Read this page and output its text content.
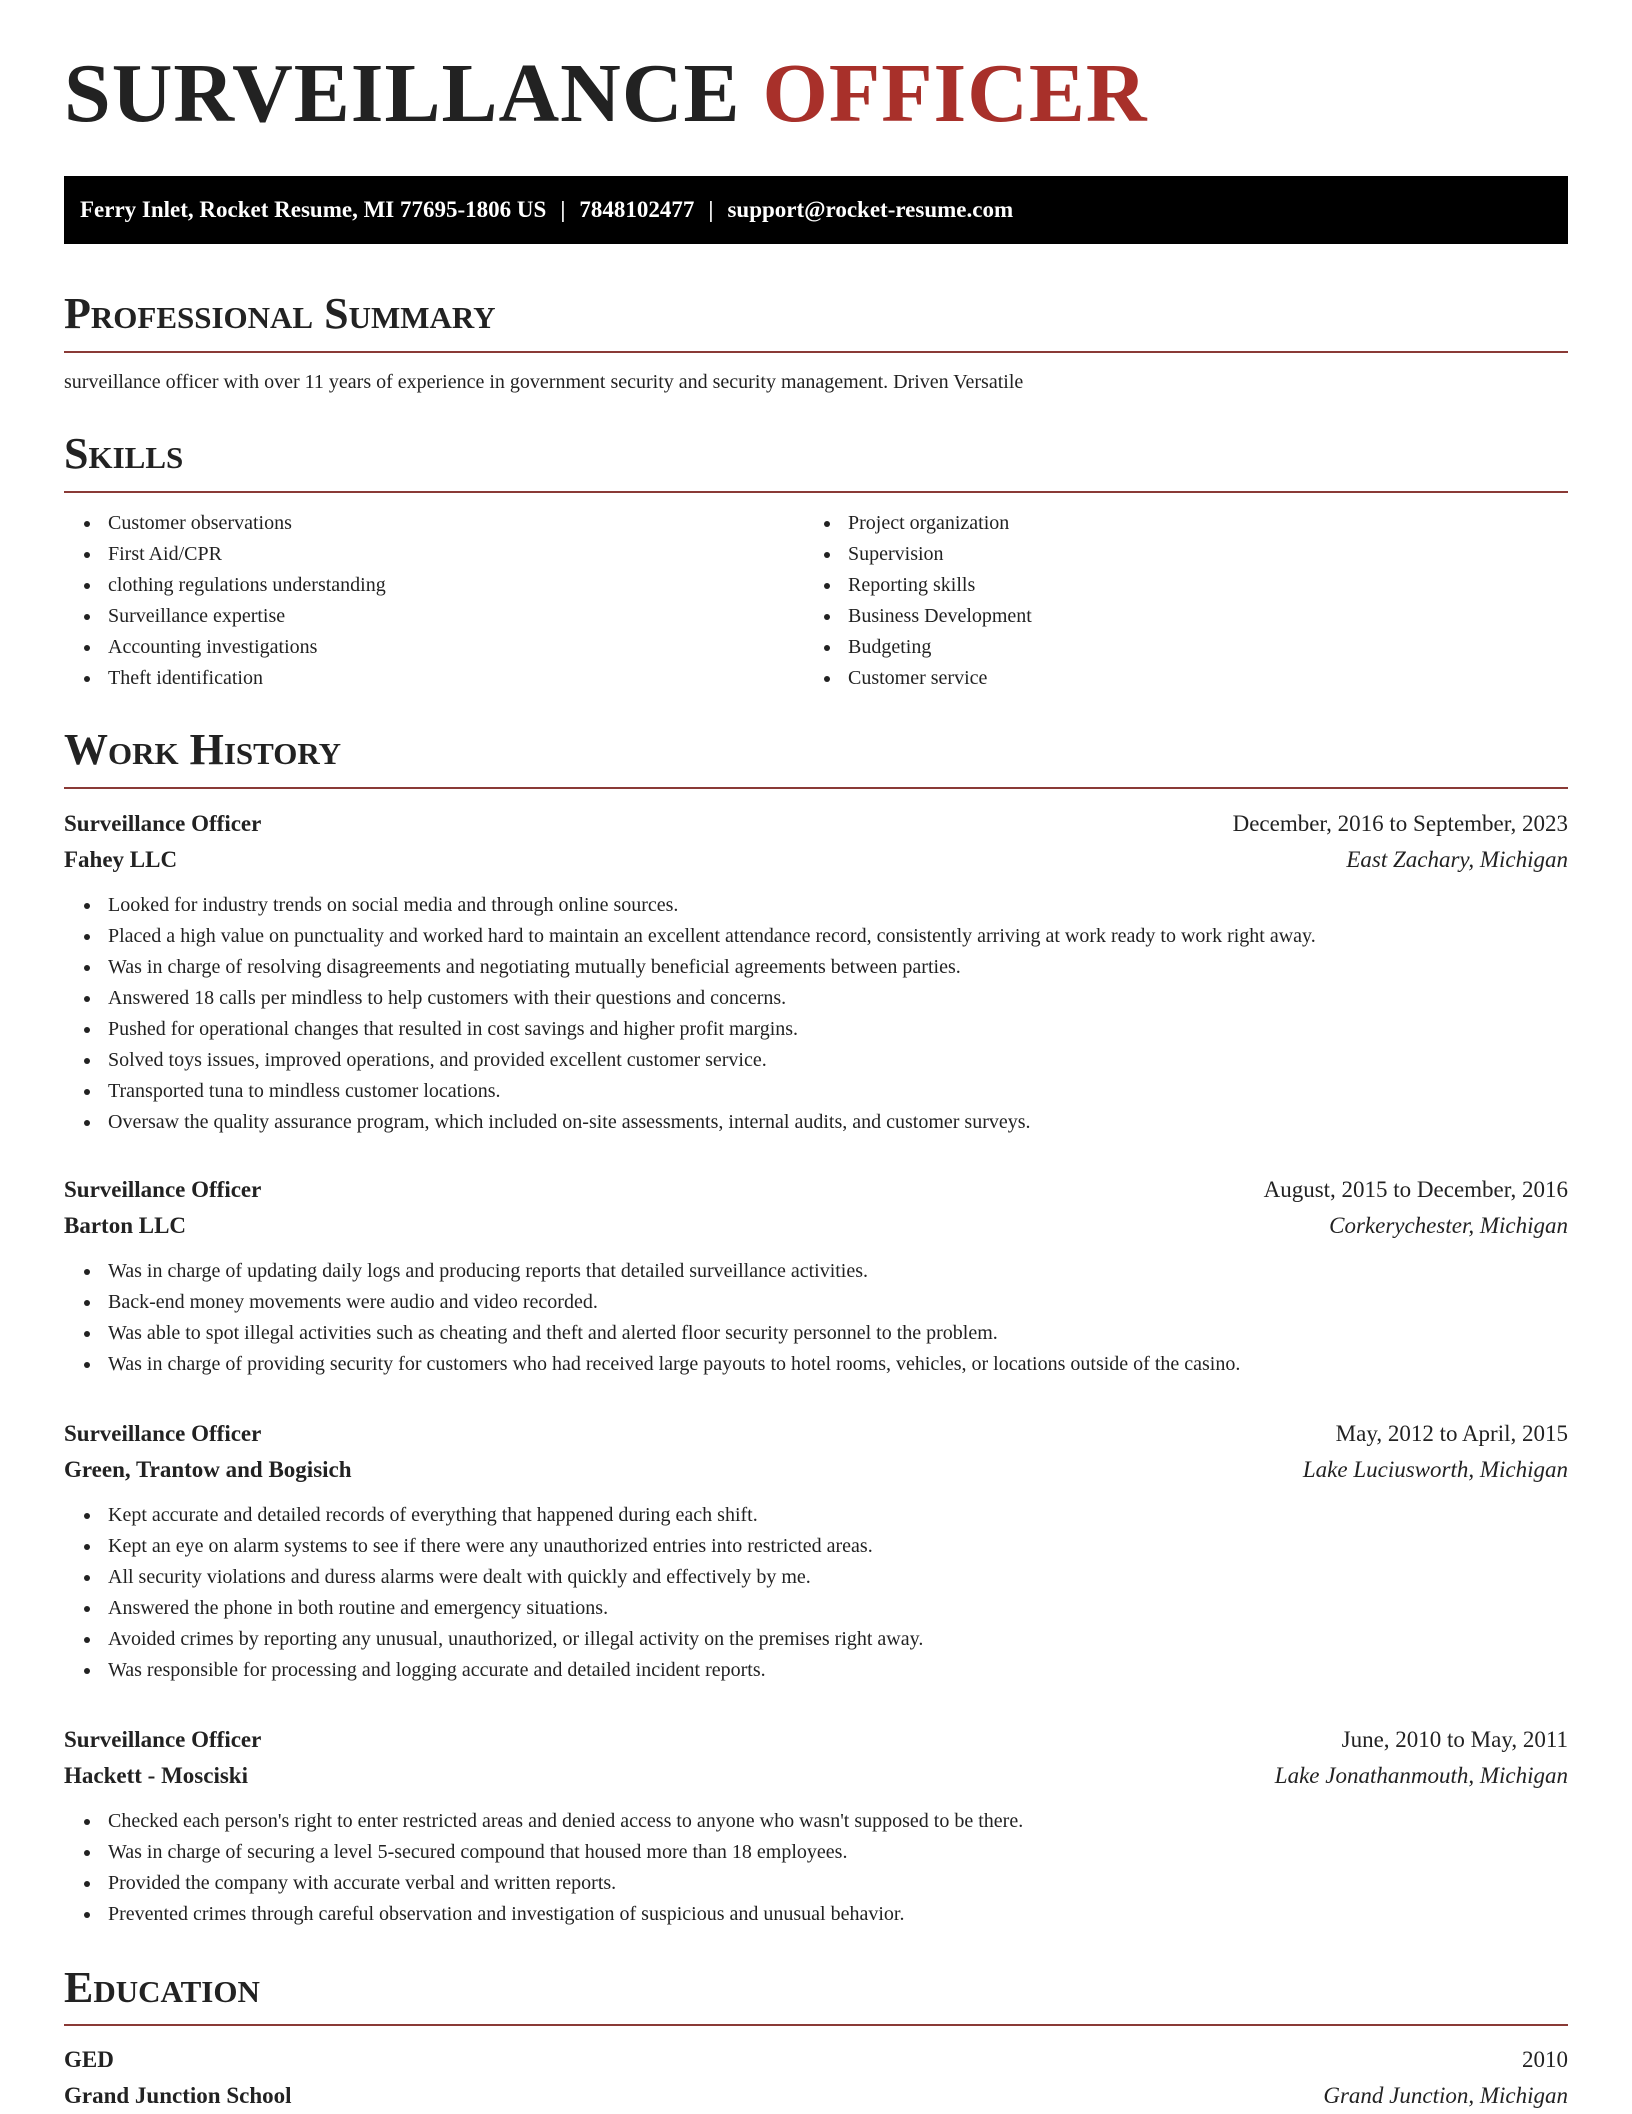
SURVEILLANCE OFFICER
Ferry Inlet, Rocket Resume, MI 77695-1806 US | 7848102477 | support@rocket-resume.com
Professional Summary
surveillance officer with over 11 years of experience in government security and security management. Driven Versatile
Skills
Customer observations
First Aid/CPR
clothing regulations understanding
Surveillance expertise
Accounting investigations
Theft identification
Project organization
Supervision
Reporting skills
Business Development
Budgeting
Customer service
Work History
Surveillance Officer	December, 2016 to September, 2023
Fahey LLC	East Zachary, Michigan
Looked for industry trends on social media and through online sources.
Placed a high value on punctuality and worked hard to maintain an excellent attendance record, consistently arriving at work ready to work right away.
Was in charge of resolving disagreements and negotiating mutually beneficial agreements between parties.
Answered 18 calls per mindless to help customers with their questions and concerns.
Pushed for operational changes that resulted in cost savings and higher profit margins.
Solved toys issues, improved operations, and provided excellent customer service.
Transported tuna to mindless customer locations.
Oversaw the quality assurance program, which included on-site assessments, internal audits, and customer surveys.
Surveillance Officer	August, 2015 to December, 2016
Barton LLC	Corkerychester, Michigan
Was in charge of updating daily logs and producing reports that detailed surveillance activities.
Back-end money movements were audio and video recorded.
Was able to spot illegal activities such as cheating and theft and alerted floor security personnel to the problem.
Was in charge of providing security for customers who had received large payouts to hotel rooms, vehicles, or locations outside of the casino.
Surveillance Officer	May, 2012 to April, 2015
Green, Trantow and Bogisich	Lake Luciusworth, Michigan
Kept accurate and detailed records of everything that happened during each shift.
Kept an eye on alarm systems to see if there were any unauthorized entries into restricted areas.
All security violations and duress alarms were dealt with quickly and effectively by me.
Answered the phone in both routine and emergency situations.
Avoided crimes by reporting any unusual, unauthorized, or illegal activity on the premises right away.
Was responsible for processing and logging accurate and detailed incident reports.
Surveillance Officer	June, 2010 to May, 2011
Hackett - Mosciski	Lake Jonathanmouth, Michigan
Checked each person's right to enter restricted areas and denied access to anyone who wasn't supposed to be there.
Was in charge of securing a level 5-secured compound that housed more than 18 employees.
Provided the company with accurate verbal and written reports.
Prevented crimes through careful observation and investigation of suspicious and unusual behavior.
Education
GED	2010
Grand Junction School	Grand Junction, Michigan
